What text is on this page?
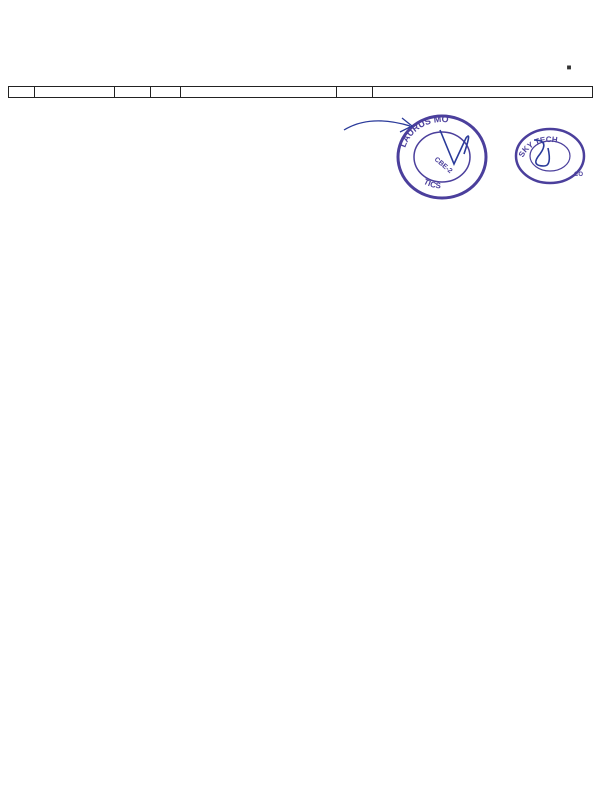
LAURUS MO
TICS
CBE-2
SKY TECH
CO
▪
